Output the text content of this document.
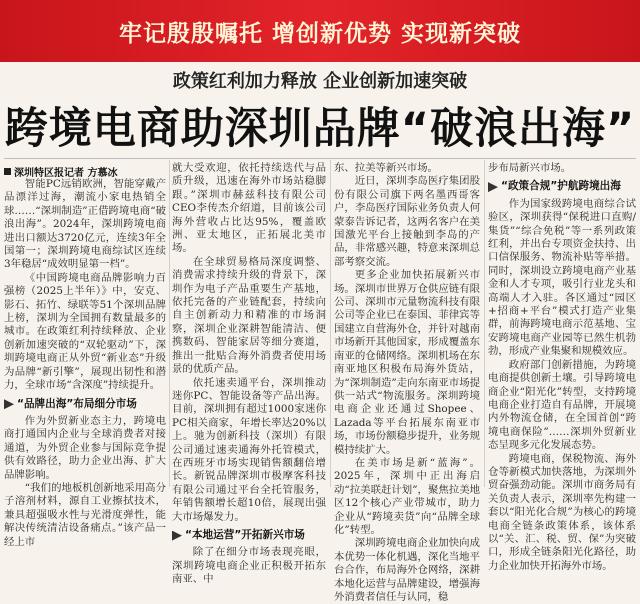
牢记殷殷嘱托 增创新优势 实现新突破
政策红利加力释放 企业创新加速突破
跨境电商助深圳品牌“破浪出海”
深圳特区报记者 方慕冰

智能PC远销欧洲，智能穿戴产品漂洋过海，潮流小家电热销全球……“深圳制造”正借跨境电商“破浪出海”。2024年，深圳跨境电商进出口额达3720亿元，连续3年全国第一；深圳跨境电商综试区连续3年稳居“成效明显第一档”。

《中国跨境电商品牌影响力百强榜（2025上半年）》中，安克、影石、拓竹、绿联等51个深圳品牌上榜，深圳为全国拥有数量最多的城市。在政策红利持续释放、企业创新加速突破的“双轮驱动”下，深圳跨境电商正从外贸“新业态”升级为品牌“新引擎”，展现出韧性和潜力，全球市场“含深度”持续提升。

“品牌出海”布局细分市场

作为外贸新业态主力，跨境电商打通国内企业与全球消费者对接通道，为外贸企业参与国际竞争提供有效路径，助力企业出海、扩大品牌影响。

“我们的地板机创新地采用高分子溶剂材料，源自工业擦拭技术，兼具超强吸水性与光滑度弹性，能解决传统清洁设备痛点。”该产品一经上市

就大受欢迎，依托持续迭代与品质升级，迅速在海外市场站稳脚跟。”深圳市赫兹科技有限公司CEO李传杰介绍道，目前该公司海外营收占比达95%，覆盖欧洲、亚太地区，正拓展北美市场。

在全球贸易格局深度调整、消费需求持续升级的背景下，深圳作为电子产品重要生产基地，依托完备的产业链配套，持续向自主创新动力和精准的市场洞察，深圳企业深耕智能清洁、便携数码、智能家居等细分赛道，推出一批贴合海外消费者使用场景的优质产品。

依托速卖通平台，深圳推动迷你PC、智能设备等产品出海。目前，深圳拥有超过1000家迷你PC相关商家，年增长率达20%以上。驰为创新科技（深圳）有限公司通过速卖通海外托管模式，在西班牙市场实现销售额翻倍增长。新锐品牌深圳市极摩客科技有限公司通过平台全托管服务，年销售额增长超10倍，展现出强大市场爆发力。

“本地运营”开拓新兴市场

除了在细分市场表现亮眼，深圳跨境电商企业正积极开拓东南亚、中

东、拉美等新兴市场。

近日，深圳李岛医疗集团股份有限公司旗下两名墨西哥客户，李岛医疗国际业务负责人何蒙泰告诉记者，这两名客户在美国激光平台上接触到李岛的产品，非常感兴趣，特意来深圳总部考察交流。

更多企业加快拓展新兴市场。深圳市世界万仓供应链有限公司、深圳市元量物流科技有限公司等企业已在泰国、菲律宾等国建立自营海外仓，并针对越南市场新开其他国家，形成覆盖东南亚的仓储网络。深圳机场在东南亚地区积极布局海外货站，为“深圳制造”走向东南亚市场提供一站式“物流服务。深圳跨境电商企业还通过Shopee、Lazada等平台拓展东南亚市场，市场份额稳步提升，业务规模持续扩大。

在美市场是新“蓝海”。2025年，深圳中正出海启动“拉美联赶计划”，聚焦拉美地区12个核心产业带城市，助力企业从“跨境卖货”向“品牌全球化”转型。

深圳跨境电商企业加快向成本优势一体化机遇，深化当地平台合作，布局海外仓网络，深耕本地化运营与品牌建设，增强海外消费者信任与认同，稳

步布局新兴市场。

“政策合规”护航跨境出海

作为国家级跨境电商综合试验区，深圳获得“保税进口直购/集货”“综合免税”等一系列政策红利，并出台专项资金扶持、出口信保服务、物流补贴等举措。同时，深圳设立跨境电商产业基金和人才专项，吸引行业龙头和高端人才入驻。各区通过“园区+招商+平台”模式打造产业集群，前海跨境电商示范基地、宝安跨境电商产业园等已然生机勃勃，形成产业集聚和规模效应。

政府部门创新措施，为跨境电商提供创新土壤。引导跨境电商企业“阳光化”转型，支持跨境电商企业打造自有品牌，开展境内外物流仓储，在全国首创“跨境电商保险”……深圳外贸新业态呈现多元化发展态势。

跨境电商，保税物流、海外仓等新模式加快落地，为深圳外贸奋强劲动能。深圳市商务局有关负责人表示，深圳率先构建一套以“阳光化合规”为核心的跨境电商全链条政策体系，该体系以“关、汇、税、贸、保”为突破口，形成全链条阳光化路径，助力企业加快开拓海外市场。
